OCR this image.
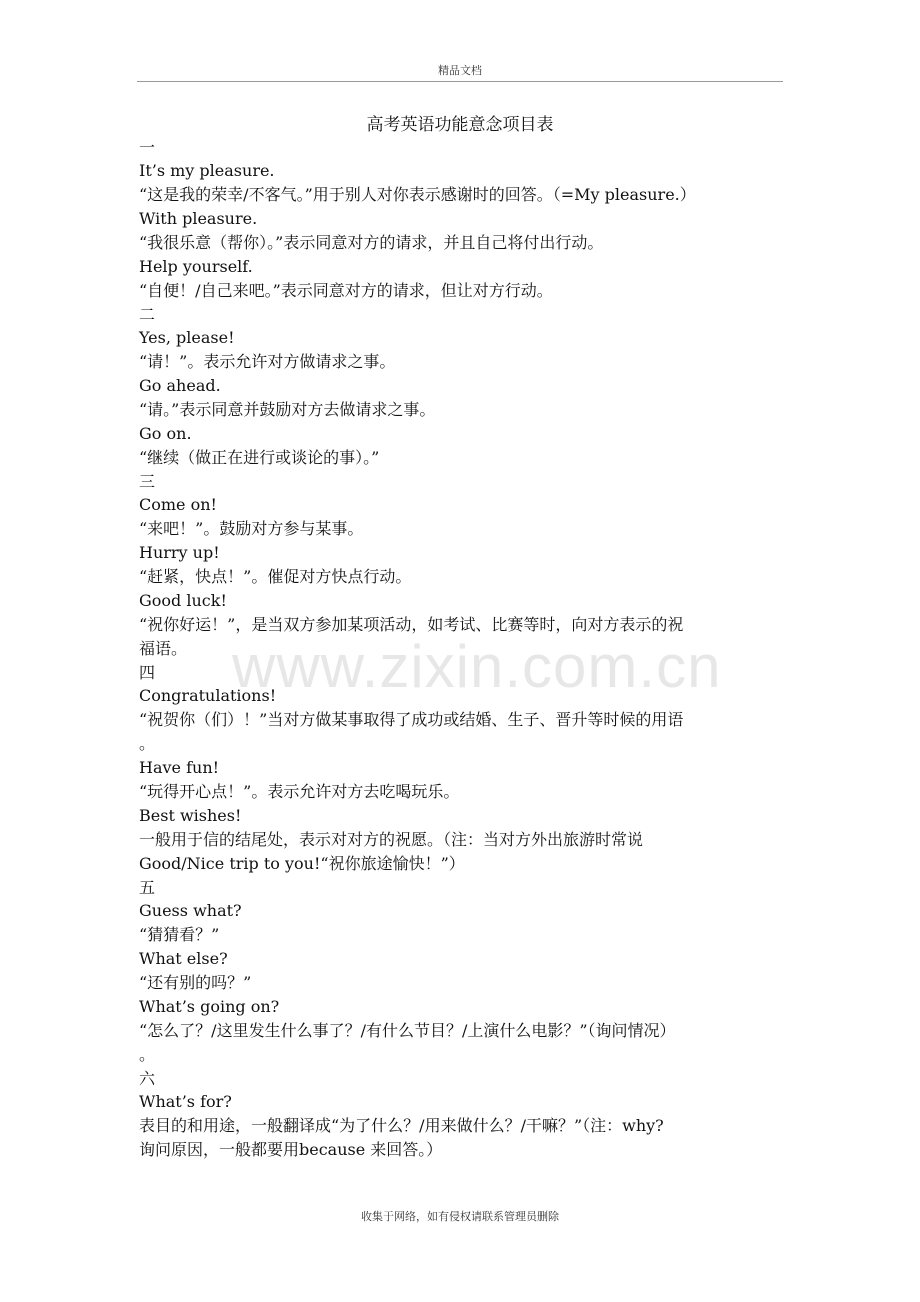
精品文档
高考英语功能意念项目表
一
It’s my pleasure.
“这是我的荣幸/不客气。”用于别人对你表示感谢时的回答。（=My pleasure.）
With pleasure.
“我很乐意（帮你）。”表示同意对方的请求，并且自己将付出行动。
Help yourself.
“自便！/自己来吧。”表示同意对方的请求，但让对方行动。
二
Yes, please!
“请！”。表示允许对方做请求之事。
Go ahead.
“请。”表示同意并鼓励对方去做请求之事。
Go on.
“继续（做正在进行或谈论的事）。”
三
Come on!
“来吧！”。鼓励对方参与某事。
Hurry up!
“赶紧，快点！”。催促对方快点行动。
Good luck!
“祝你好运！”，是当双方参加某项活动，如考试、比赛等时，向对方表示的祝
福语。
四
Congratulations!
“祝贺你（们）！”当对方做某事取得了成功或结婚、生子、晋升等时候的用语
。
Have fun!
“玩得开心点！”。表示允许对方去吃喝玩乐。
Best wishes!
一般用于信的结尾处，表示对对方的祝愿。（注：当对方外出旅游时常说
Good/Nice trip to you!“祝你旅途愉快！”）
五
Guess what?
“猜猜看？”
What else?
“还有别的吗？”
What’s going on?
“怎么了？/这里发生什么事了？/有什么节目？/上演什么电影？”（询问情况）
。
六
What’s for?
表目的和用途，一般翻译成“为了什么？/用来做什么？/干嘛？”（注：why?
询问原因，一般都要用because 来回答。）
www.zixin.com.cn
收集于网络，如有侵权请联系管理员删除
